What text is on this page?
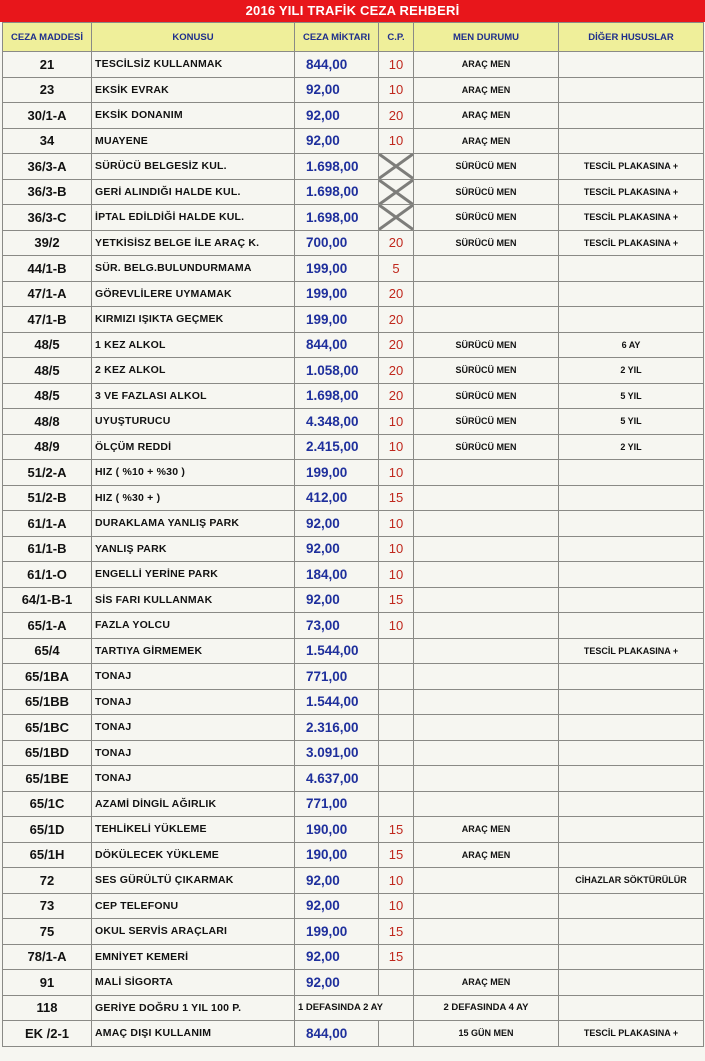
2016 YILI TRAFİK CEZA REHBERİ
CEZA MADDESİ	KONUSU	CEZA MİKTARI	C.P.	MEN DURUMU	DİĞER HUSUSLAR
21	TESCİLSİZ KULLANMAK	844,00	10	ARAÇ MEN	
23	EKSİK EVRAK	92,00	10	ARAÇ MEN	
30/1-A	EKSİK DONANIM	92,00	20	ARAÇ MEN	
34	MUAYENE	92,00	10	ARAÇ MEN	
36/3-A	SÜRÜCÜ BELGESİZ KUL.	1.698,00		SÜRÜCÜ MEN	TESCİL PLAKASINA +
36/3-B	GERİ ALINDIĞI HALDE KUL.	1.698,00		SÜRÜCÜ MEN	TESCİL PLAKASINA +
36/3-C	İPTAL EDİLDİĞİ HALDE KUL.	1.698,00		SÜRÜCÜ MEN	TESCİL PLAKASINA +
39/2	YETKİSİSZ BELGE İLE ARAÇ K.	700,00	20	SÜRÜCÜ MEN	TESCİL PLAKASINA +
44/1-B	SÜR. BELG.BULUNDURMAMA	199,00	5		
47/1-A	GÖREVLİLERE UYMAMAK	199,00	20		
47/1-B	KIRMIZI IŞIKTA GEÇMEK	199,00	20		
48/5	1 KEZ ALKOL	844,00	20	SÜRÜCÜ MEN	6 AY
48/5	2 KEZ ALKOL	1.058,00	20	SÜRÜCÜ MEN	2 YIL
48/5	3 VE FAZLASI ALKOL	1.698,00	20	SÜRÜCÜ MEN	5 YIL
48/8	UYUŞTURUCU	4.348,00	10	SÜRÜCÜ MEN	5 YIL
48/9	ÖLÇÜM REDDİ	2.415,00	10	SÜRÜCÜ MEN	2 YIL
51/2-A	HIZ ( %10 + %30 )	199,00	10		
51/2-B	HIZ ( %30 + )	412,00	15		
61/1-A	DURAKLAMA YANLIŞ PARK	92,00	10		
61/1-B	YANLIŞ PARK	92,00	10		
61/1-O	ENGELLİ YERİNE PARK	184,00	10		
64/1-B-1	SİS FARI KULLANMAK	92,00	15		
65/1-A	FAZLA YOLCU	73,00	10		
65/4	TARTIYA GİRMEMEK	1.544,00			TESCİL PLAKASINA +
65/1BA	TONAJ	771,00			
65/1BB	TONAJ	1.544,00			
65/1BC	TONAJ	2.316,00			
65/1BD	TONAJ	3.091,00			
65/1BE	TONAJ	4.637,00			
65/1C	AZAMİ DİNGİL AĞIRLIK	771,00			
65/1D	TEHLİKELİ YÜKLEME	190,00	15	ARAÇ MEN	
65/1H	DÖKÜLECEK YÜKLEME	190,00	15	ARAÇ MEN	
72	SES GÜRÜLTÜ ÇIKARMAK	92,00	10		CİHAZLAR SÖKTÜRÜLÜR
73	CEP TELEFONU	92,00	10		
75	OKUL SERVİS ARAÇLARI	199,00	15		
78/1-A	EMNİYET KEMERİ	92,00	15		
91	MALİ SİGORTA	92,00		ARAÇ MEN	
118	GERİYE DOĞRU 1 YIL 100 P.	1 DEFASINDA 2 AY		2 DEFASINDA 4 AY	
EK /2-1	AMAÇ DIŞI KULLANIM	844,00		15 GÜN MEN	TESCİL PLAKASINA +
